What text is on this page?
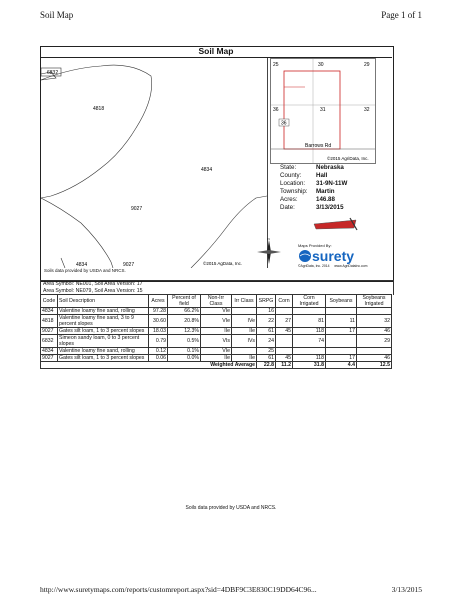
Soil Map	Page 1 of 1
Soil Map
6832
4818
4834
9027
4834	9027	©2015 AgData, Inc.
25	30	29
36	31	32
36
Barrows Rd
©2015 AgriData, Inc.
State:	Nebraska
County:	Hall
Location:	31-9N-11W
Township:	Martin
Acres:	146.88
Date:	3/13/2015
N
Maps Provided By:
surety
©AgriData, Inc. 2014     www.AgriDataInc.com
Soils data provided by USDA and NRCS.
Area Symbol: NE001, Soil Area Version: 17
Area Symbol: NE079, Soil Area Version: 15
Code	Soil Description	Acres	Percent of field	Non-Irr Class	Irr Class	SRPG	Corn	Corn Irrigated	Soybeans	Soybeans Irrigated
4834	Valentine loamy fine sand, rolling	97.28	66.2%	VIe		16				
4818	Valentine loamy fine sand, 3 to 9 percent slopes	30.60	20.8%	VIe	IVe	22	27	81	11	32
9027	Gates silt loam, 1 to 3 percent slopes	18.03	12.3%	IIe	IIe	61	45	118	17	46
6832	Simeon sandy loam, 0 to 3 percent slopes	0.79	0.5%	VIs	IVs	24		74		29
4834	Valentine loamy fine sand, rolling	0.12	0.1%	VIe		25				
9027	Gates silt loam, 1 to 3 percent slopes	0.06	0.0%	IIe	IIe	61	45	118	17	46
Weighted Average						22.8	11.2	31.8	4.4	12.5
Soils data provided by USDA and NRCS.
http://www.suretymaps.com/reports/customreport.aspx?sid=4DBF9C3E830C19DD64C96...	3/13/2015
